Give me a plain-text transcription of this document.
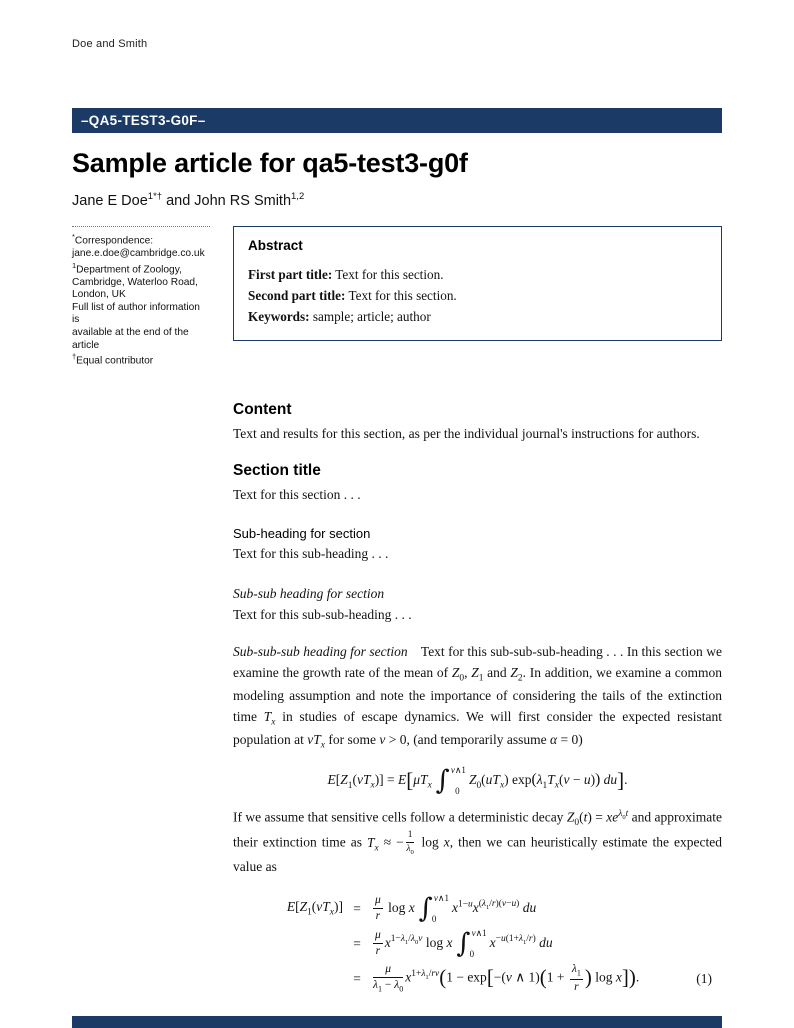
Doe and Smith
–QA5-TEST3-G0F–
Sample article for qa5-test3-g0f
Jane E Doe$^{1*\dagger}$ and John RS Smith$^{1,2}$
*Correspondence:
jane.e.doe@cambridge.co.uk
$^1$Department of Zoology,
Cambridge, Waterloo Road,
London, UK
Full list of author information is
available at the end of the article
†Equal contributor
Abstract
First part title: Text for this section.
Second part title: Text for this section.
Keywords: sample; article; author
Content

Text and results for this section, as per the individual journal's instructions for authors.

Section title

Text for this section . . .

Sub-heading for section

Text for this sub-heading . . .

Sub-sub heading for section

Text for this sub-sub-heading . . .

Sub-sub-sub heading for section Text for this sub-sub-sub-heading . . . In this section we examine the growth rate of the mean of $Z_0$, $Z_1$ and $Z_2$. In addition, we examine a common modeling assumption and note the importance of considering the tails of the extinction time $T_x$ in studies of escape dynamics. We will first consider the expected resistant population at $vT_x$ for some v > 0, (and temporarily assume α = 0)

$E[Z_1(vT_x)] = E[\mu T_x$ ∫ v∧1
0
$Z_0(uT_x) \exp(\lambda_1T_x(v - u))$ du].

If we assume that sensitive cells follow a deterministic decay $Z_0(t) = xe^{\lambda_0t}$ and approximate their extinction time as $T_x$ ≈ − $\frac{1}{\lambda_0}$ log x, then we can heuristically estimate the expected value as

$E[Z_1(vT_x)]$ =	$\frac{\mu}{r}$ log x ∫ v∧1
0
$x^{1-u}x^{(\lambda_1/r)(v-u)}$ du
=	$\frac{\mu}{r} x^{1-\lambda_1/\lambda_0v}$ log x ∫ v∧1
0
$x^{-u(1+\lambda_1/r)}$ du
=	$\frac{\mu}{\lambda_1 - \lambda_0} x^{1+\lambda_1/rv}(1 - \exp[-(v$ ∧ $1)(1 + \frac{\lambda_1}{r}$ ) log x]).	(1)
